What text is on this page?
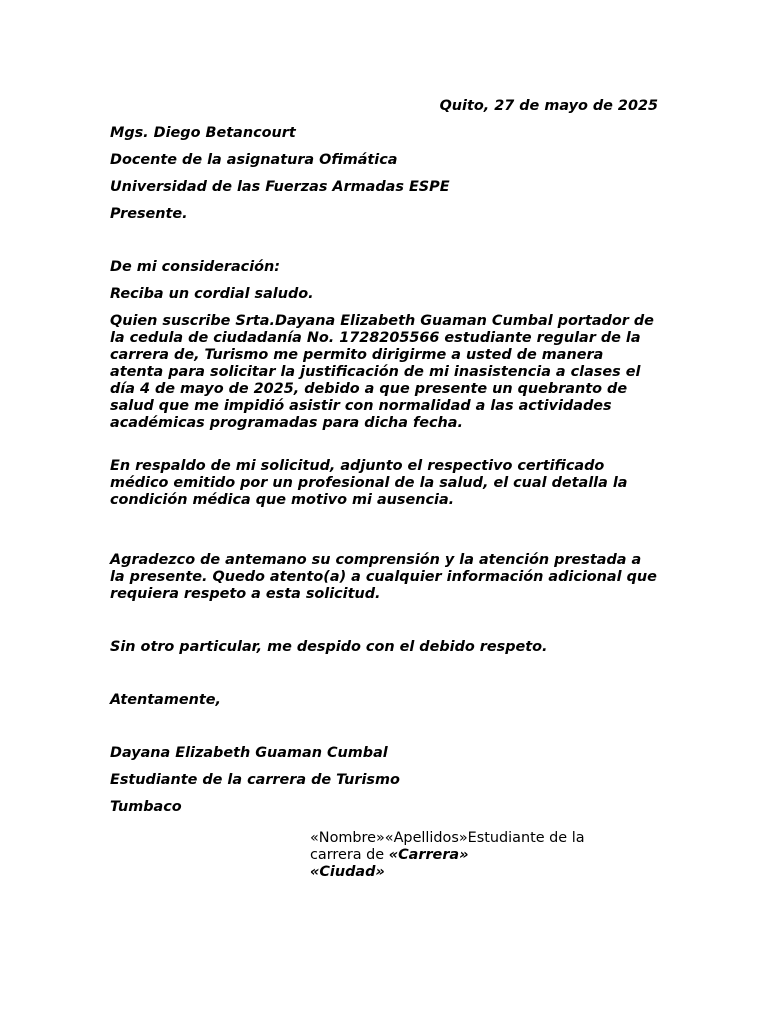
Quito, 27 de mayo de 2025

Mgs. Diego Betancourt

Docente de la asignatura Ofimática

Universidad de las Fuerzas Armadas ESPE

Presente.

De mi consideración:

Reciba un cordial saludo.

Quien suscribe Srta.Dayana Elizabeth Guaman Cumbal portador de la cedula de ciudadanía No. 1728205566 estudiante regular de la carrera de, Turismo me permito dirigirme a usted de manera atenta para solicitar la justificación de mi inasistencia a clases el día 4 de mayo de 2025, debido a que presente un quebranto de salud que me impidió asistir con normalidad a las actividades académicas programadas para dicha fecha.

En respaldo de mi solicitud, adjunto el respectivo certificado médico emitido por un profesional de la salud, el cual detalla la condición médica que motivo mi ausencia.

Agradezco de antemano su comprensión y la atención prestada a la presente. Quedo atento(a) a cualquier información adicional que requiera respeto a esta solicitud.

Sin otro particular, me despido con el debido respeto.

Atentamente,

Dayana Elizabeth Guaman Cumbal

Estudiante de la carrera de Turismo

Tumbaco

«Nombre»«Apellidos»Estudiante de la carrera de «Carrera»
«Ciudad»
